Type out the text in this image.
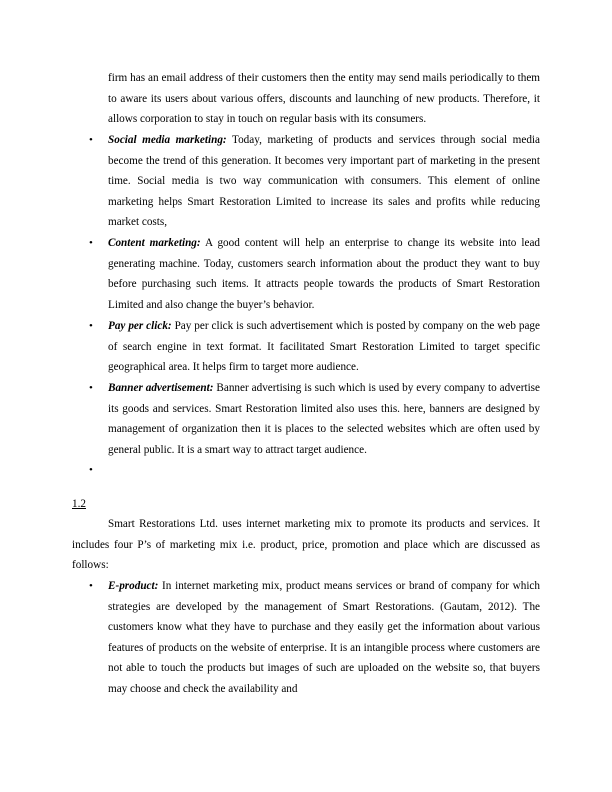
firm has an email address of their customers then the entity may send mails periodically to them to aware its users about various offers, discounts and launching of new products. Therefore, it allows corporation to stay in touch on regular basis with its consumers.

• Social media marketing: Today, marketing of products and services through social media become the trend of this generation. It becomes very important part of marketing in the present time. Social media is two way communication with consumers. This element of online marketing helps Smart Restoration Limited to increase its sales and profits while reducing market costs,

• Content marketing: A good content will help an enterprise to change its website into lead generating machine. Today, customers search information about the product they want to buy before purchasing such items. It attracts people towards the products of Smart Restoration Limited and also change the buyer’s behavior.

• Pay per click: Pay per click is such advertisement which is posted by company on the web page of search engine in text format. It facilitated Smart Restoration Limited to target specific geographical area. It helps firm to target more audience.

• Banner advertisement: Banner advertising is such which is used by every company to advertise its goods and services. Smart Restoration limited also uses this. here, banners are designed by management of organization then it is places to the selected websites which are often used by general public. It is a smart way to attract target audience.

•
1.2

Smart Restorations Ltd. uses internet marketing mix to promote its products and services. It includes four P’s of marketing mix i.e. product, price, promotion and place which are discussed as follows:

• E-product: In internet marketing mix, product means services or brand of company for which strategies are developed by the management of Smart Restorations. (Gautam, 2012). The customers know what they have to purchase and they easily get the information about various features of products on the website of enterprise. It is an intangible process where customers are not able to touch the products but images of such are uploaded on the website so, that buyers may choose and check the availability and
